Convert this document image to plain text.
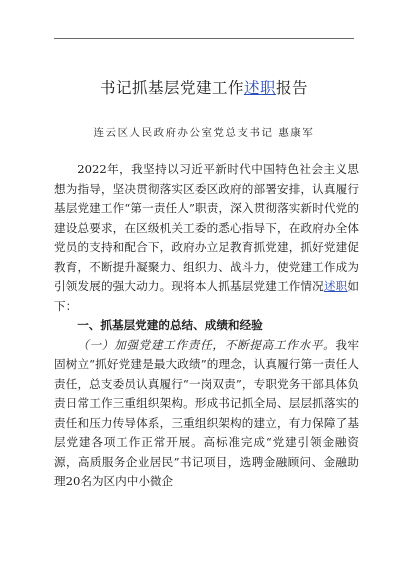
书记抓基层党建工作述职报告
连云区人民政府办公室党总支书记 惠康军

2022年，我坚持以习近平新时代中国特色社会主义思想为指导，坚决贯彻落实区委区政府的部署安排，认真履行基层党建工作“第一责任人”职责，深入贯彻落实新时代党的建设总要求，在区级机关工委的悉心指导下，在政府办全体党员的支持和配合下，政府办立足教育抓党建，抓好党建促教育，不断提升凝聚力、组织力、战斗力，使党建工作成为引领发展的强大动力。现将本人抓基层党建工作情况述职如下：

一、抓基层党建的总结、成绩和经验

（一）加强党建工作责任，不断提高工作水平。我牢固树立“抓好党建是最大政绩”的理念，认真履行第一责任人责任，总支委员认真履行“一岗双责”，专职党务干部具体负责日常工作三重组织架构。形成书记抓全局、层层抓落实的责任和压力传导体系，三重组织架构的建立，有力保障了基层党建各项工作正常开展。高标准完成“党建引领金融资源，高质服务企业居民”书记项目，选聘金融顾问、金融助理20名为区内中小微企
